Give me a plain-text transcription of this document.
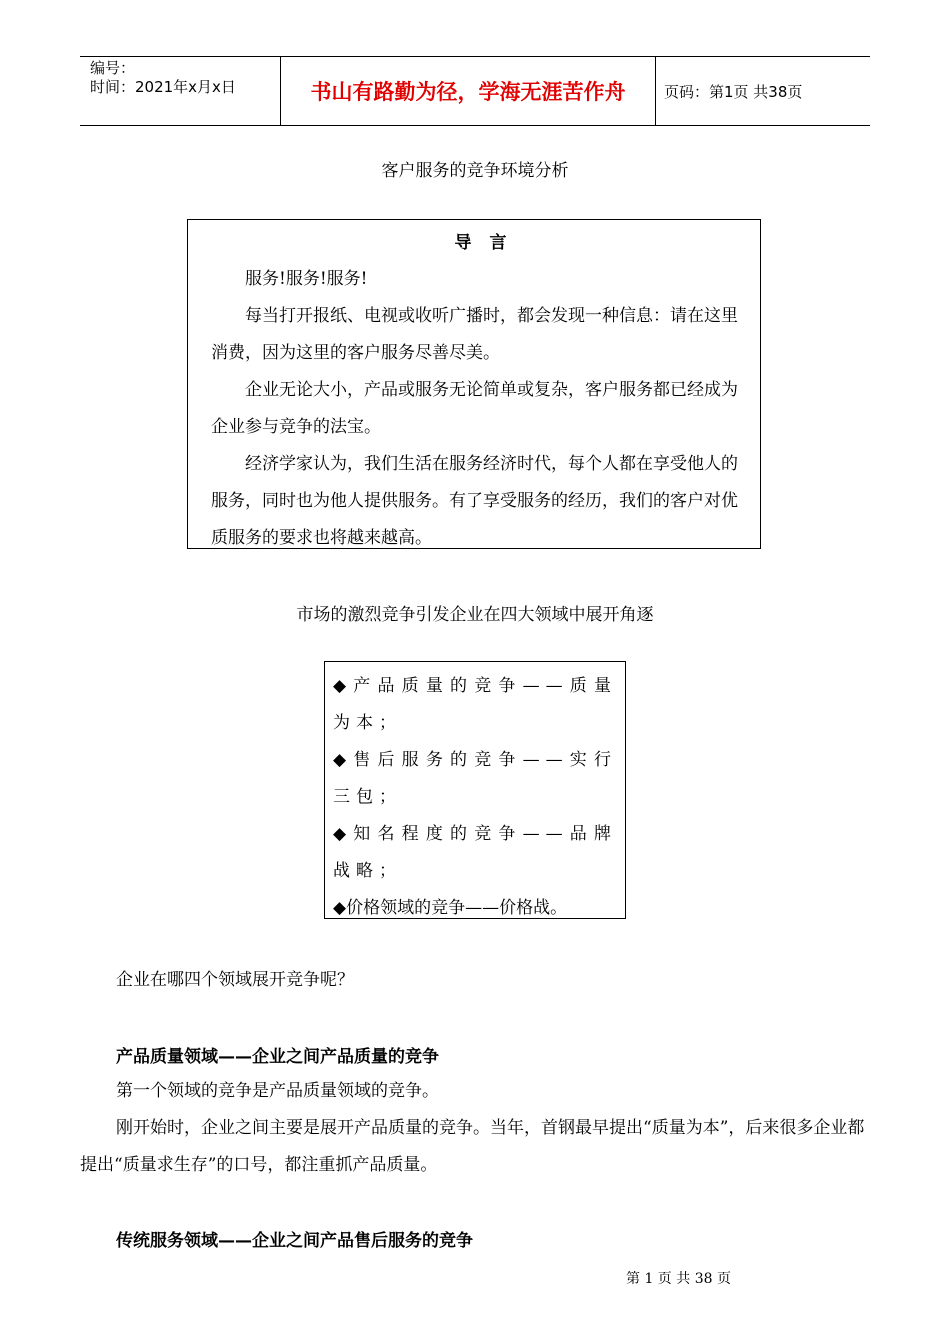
编号：
时间：2021年x月x日	书山有路勤为径，学海无涯苦作舟	页码：第1页 共38页
客户服务的竞争环境分析
导言

服务!服务!服务!

每当打开报纸、电视或收听广播时，都会发现一种信息：请在这里消费，因为这里的客户服务尽善尽美。

企业无论大小，产品或服务无论简单或复杂，客户服务都已经成为企业参与竞争的法宝。

经济学家认为，我们生活在服务经济时代，每个人都在享受他人的服务，同时也为他人提供服务。有了享受服务的经历，我们的客户对优质服务的要求也将越来越高。

市场的激烈竞争引发企业在四大领域中展开角逐
◆产品质量的竞争——质量为本；
◆售后服务的竞争——实行三包；
◆知名程度的竞争——品牌战略；
◆价格领域的竞争——价格战。
企业在哪四个领域展开竞争呢？
产品质量领域——企业之间产品质量的竞争
第一个领域的竞争是产品质量领域的竞争。
刚开始时，企业之间主要是展开产品质量的竞争。当年，首钢最早提出“质量为本”，后来很多企业都提出“质量求生存”的口号，都注重抓产品质量。
传统服务领域——企业之间产品售后服务的竞争
第 1 页 共 38 页
